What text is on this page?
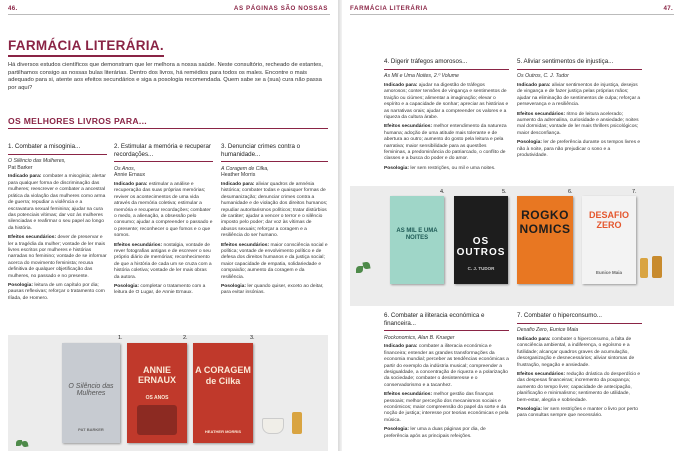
46.	AS PÁGINAS SÃO NOSSAS
FARMÁCIA LITERÁRIA.
Há diversos estudos científicos que demonstram que ler melhora a nossa saúde. Neste consultório, recheado de estantes, partilhamos consigo as nossas bulas literárias. Dentro dos livros, há remédios para todos os males. Encontre o mais adequado para si, atente aos efeitos secundários e siga a posologia recomendada. Quem sabe se a (sua) cura não passa por aqui?
OS MELHORES LIVROS PARA...
1. Combater a misoginia...
O Silêncio das Mulheres,
Pat Barker

Indicado para: combater a misoginia; alertar para qualquer forma de discriminação das mulheres; reescrever e combater a ancestral prática da violação das mulheres como arma de guerra; repudiar a violência e a escravatura sexual feminina; ajudar na cura das potenciais vítimas; dar voz às mulheres silenciadas e reafirmar o seu papel ao longo da história.

Efeitos secundários: dever de preservar e ler a tragédia da mulher; vontade de ler mais livres escritos por mulheres e histórias narradas no feminino; vontade de se informar acerca do movimento feminista; recusa definitiva de qualquer objetificação das mulheres, no passado e no presente.

Posologia: leitura de um capítulo por dia; pausas reflexivas; reforçar o tratamento com Ilíada, de Homero.

2. Estimular a memória e recuperar recordações...
Os Anos,
Annie Ernaux

Indicado para: estimular a análise e recuperação das suas próprias memórias; reviver os acontecimentos de uma vida através da memória coletiva; estimular a memória e recuperar recordações; combater o medo, a alienação, a obsessão pelo consumo; ajudar a compreender o passado e o presente; reconhecer o que fomos e o que somos.

Efeitos secundários: nostalgia, vontade de rever fotografias antigas e de escrever o seu próprio diário de memórias; reconhecimento de que a história de cada um se cruza com a história coletiva; vontade de ler mais obras da autora.

Posologia: completar o tratamento com a leitura de O Lugar, de Annie Ernaux.

3. Denunciar crimes contra o humanidade...
A Coragem de Cilka,
Heather Morris

Indicado para: aliviar quadros de amnésia histórica; combater todas e quaisquer formas de desumanização; denunciar crimes contra a humanidade e de violação dos direitos humanos; repudiar autoritarismos políticos; tratar distúrbios de caráter; ajudar a vencer o terror e o silêncio imposto pelo poder; dar voz às vítimas de abusos sexuais; reforçar a coragem e a resiliência do ser humano.

Efeitos secundários: maior consciência social e política; vontade de envolvimento político e de defesa dos direitos humanos e da justiça social; maior capacidade de empatia, solidariedade e compaixão; aumento da coragem e da resiliência.

Posologia: ler quando quiser, exceto ao deitar, para evitar insónias.

1.
O Silêncio das Mulheres
PAT BARKER
2.
ANNIE ERNAUX
OS ANOS
3.
A CORAGEM de Cilka
HEATHER MORRIS
FARMÁCIA LITERÁRIA	47.
4. Digerir tráfegos amorosos...
As Mil e Uma Noites, 2.º Volume

Indicado para: ajudar na digestão de tráfegos amorosos; conter tensões de vingança e sentimentos de traição ou ciúmes; alimentar a imaginação; elevar o espírito e a capacidade de sonhar; apreciar as histórias e as narrativas orais; ajudar a compreender os valores e a riqueza da cultura árabe.

Efeitos secundários: melhor entendimento da natureza humana; adoção de uma atitude mais tolerante e de abertura ao outro; aumento do gosto pela leitura e pela narrativa; maior sensibilidade para as questões femininas, a predominância do patriarcado, o conflito de classes e a busca do poder e do amor.

Posologia: ler sem restrições, ou mil e uma noites.

5. Aliviar sentimentos de injustiça...
Os Outros, C. J. Tudor

Indicado para: aliviar sentimentos de injustiça, desejos de vingança e de fazer justiça pelas próprias mãos; ajudar na eliminação de sentimentos de culpa; reforçar a perseverança e a resiliência.

Efeitos secundários: ritmo de leitura acelerado; aumento da adrenalina, curiosidade e ansiedade; noites mal dormidas; vontade de ler mais thrillers psicológicos; maior desconfiança.

Posologia: ler de preferência durante os tempos livres e não à noite, para não prejudicar o sono e a produtividade.

4.
AS MIL E UMA NOITES
5.
OS OUTROS
C. J. TUDOR
6.
ROGKONOMICS
7.
DESAFIO ZERO
Eunice Maia
6. Combater a iliteracia económica e financeira...
Rockonomics, Alan B. Krueger

Indicado para: combater a iliteracia económica e financeira; entender as grandes transformações da economia mundial; perceber as tendências económicas a partir do exemplo da indústria musical; compreender a desigualdade, a concentração de riqueza e a polarização da sociedade; combater o desinteresse e o conservadorismo e a tacanhez.

Efeitos secundários: melhor gestão das finanças pessoais; melhor perceção dos mecanismos sociais e económicos; maior compreensão do papel da sorte e da noção de justiça; interesse por teorias económicas e pela música.

Posologia: ler uma a duas páginas por dia, de preferência após as principais refeições.

7. Combater o hiperconsumo...
Desafio Zero, Eunice Maia

Indicado para: combater o hiperconsumo, a falta de consciência ambiental, a indiferença, o egoísmo e a futilidade; alcançar quadros graves de acumulação, desorganização e desnecessários; aliviar sintomas de frustração, negação e ansiedade.

Efeitos secundários: redução drástica do desperdício e das despesas financeiras; incremento da poupança; aumento do tempo livre; capacidade de antecipação, planificação e minimalismo; sentimento de utilidade, bem-estar, alegria e sobriedade.

Posologia: ler sem restrições e manter o livro por perto para consultas sempre que necessário.
